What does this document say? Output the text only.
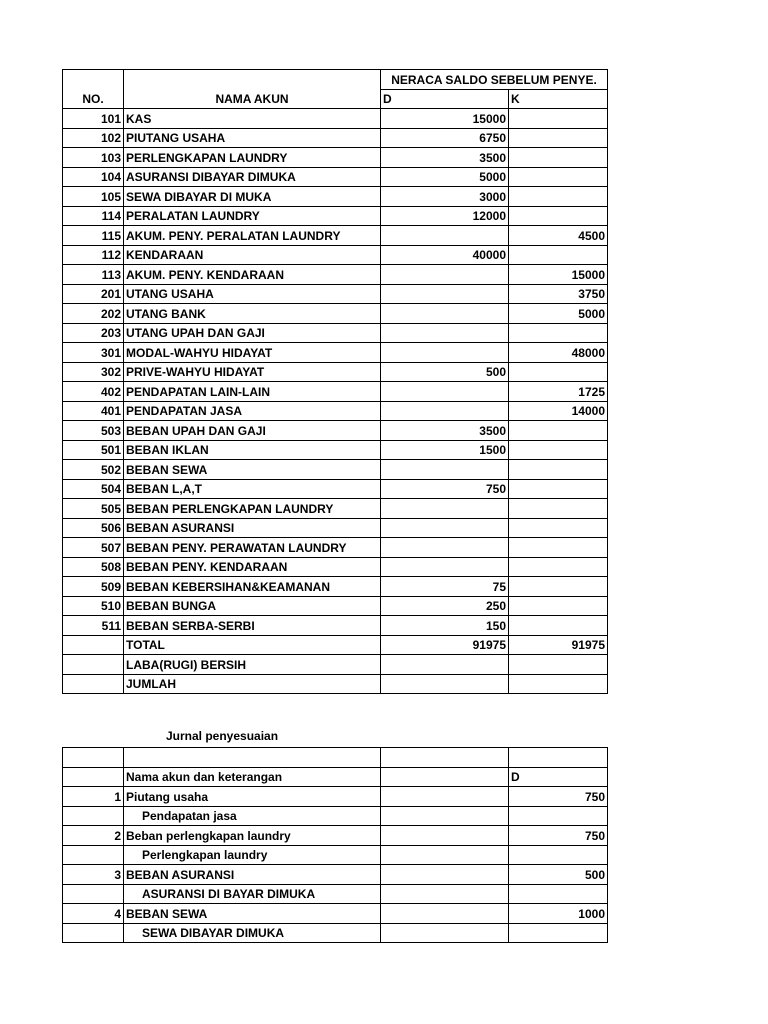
NO.	NAMA AKUN	NERACA SALDO SEBELUM PENYE.	
		D	K
101	KAS	15000	
102	PIUTANG USAHA	6750	
103	PERLENGKAPAN LAUNDRY	3500	
104	ASURANSI DIBAYAR DIMUKA	5000	
105	SEWA DIBAYAR DI MUKA	3000	
114	PERALATAN LAUNDRY	12000	
115	AKUM. PENY. PERALATAN LAUNDRY		4500
112	KENDARAAN	40000	
113	AKUM. PENY. KENDARAAN		15000
201	UTANG USAHA		3750
202	UTANG BANK		5000
203	UTANG UPAH DAN GAJI		
301	MODAL-WAHYU HIDAYAT		48000
302	PRIVE-WAHYU HIDAYAT	500	
402	PENDAPATAN LAIN-LAIN		1725
401	PENDAPATAN JASA		14000
503	BEBAN UPAH DAN GAJI	3500	
501	BEBAN IKLAN	1500	
502	BEBAN SEWA		
504	BEBAN L,A,T	750	
505	BEBAN PERLENGKAPAN LAUNDRY		
506	BEBAN ASURANSI		
507	BEBAN PENY. PERAWATAN LAUNDRY		
508	BEBAN PENY. KENDARAAN		
509	BEBAN KEBERSIHAN&KEAMANAN	75	
510	BEBAN BUNGA	250	
511	BEBAN SERBA-SERBI	150	
	TOTAL	91975	91975
	LABA(RUGI) BERSIH		
	JUMLAH		
Jurnal penyesuaian

	Nama akun dan keterangan		D
1	Piutang usaha		750
	Pendapatan jasa		
2	Beban perlengkapan laundry		750
	Perlengkapan laundry		
3	BEBAN ASURANSI		500
	ASURANSI DI BAYAR DIMUKA		
4	BEBAN SEWA		1000
	SEWA DIBAYAR DIMUKA		
